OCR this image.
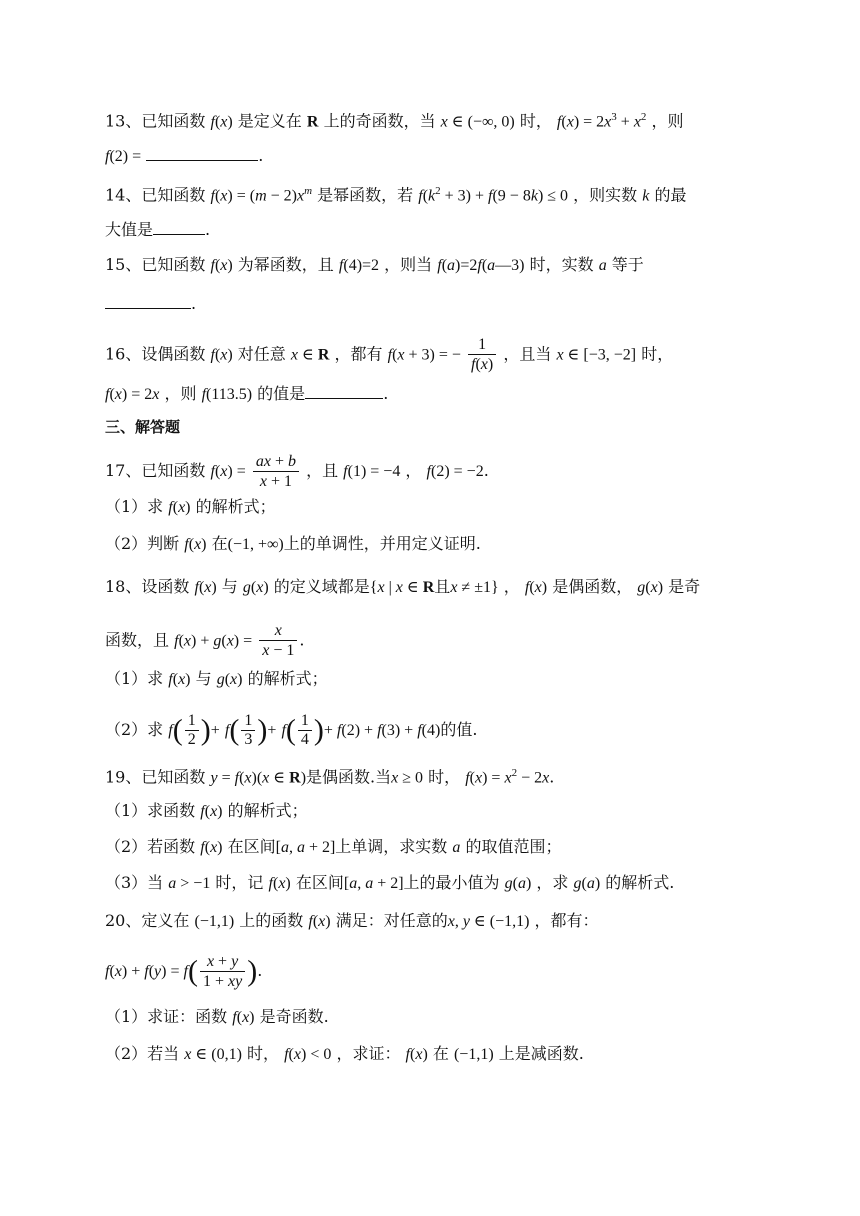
13、已知函数 f(x) 是定义在 R 上的奇函数，当 x ∈ (−∞, 0) 时， $f(x) = 2x^3 + x^2$ ，则
f(2) =	.
14、已知函数 $f(x) = (m - 2)x^m$ 是幂函数，若 $f(k^2 + 3) + f(9 - 8k) \le 0$ ，则实数 k 的最
大值是	.
15、已知函数 f(x) 为幂函数，且 f(4)=2 ，则当 f(a)=2f(a—3) 时，实数 a 等于
.
16、设偶函数 f(x) 对任意 x ∈ R ，都有 f(x + 3) = − $\frac{1}{f(x)}$ ，且当 x ∈ [−3, −2] 时，
f(x) = 2x ，则 f(113.5) 的值是	.
三、解答题
17、已知函数 $f(x) = \frac{ax + b}{x + 1}$ ，且 f(1) = −4 ， f(2) = −2.
（1）求 f(x) 的解析式；
（2）判断 f(x) 在(−1, +∞)上的单调性，并用定义证明.
18、设函数 f(x) 与 g(x) 的定义域都是{x | x ∈ R且x ≠ ±1} ， f(x) 是偶函数， g(x) 是奇
函数，且 $f(x) + g(x) = \frac{x}{x - 1}$ .
（1）求 f(x) 与 g(x) 的解析式；
（2）求 $f( \frac{1}{2}$ )+ $f( \frac{1}{3}$ )+ $f( \frac{1}{4}$ )+ f(2) + f(3) + f(4)的值.
19、已知函数 y = f(x)(x ∈ R)是偶函数.当x ≥ 0 时， $f(x) = x^2 - 2x$.
（1）求函数 f(x) 的解析式；
（2）若函数 f(x) 在区间[a, a + 2]上单调，求实数 a 的取值范围；
（3）当 a > −1 时，记 f(x) 在区间[a, a + 2]上的最小值为 g(a) ，求 g(a) 的解析式.
20、定义在 (−1,1) 上的函数 f(x) 满足：对任意的x, y ∈ (−1,1) ，都有：
$f(x) + f(y) = f( \frac{x + y}{1 + xy}$ ).
（1）求证：函数 f(x) 是奇函数.
（2）若当 x ∈ (0,1) 时， f(x) < 0 ，求证： f(x) 在 (−1,1) 上是减函数.
